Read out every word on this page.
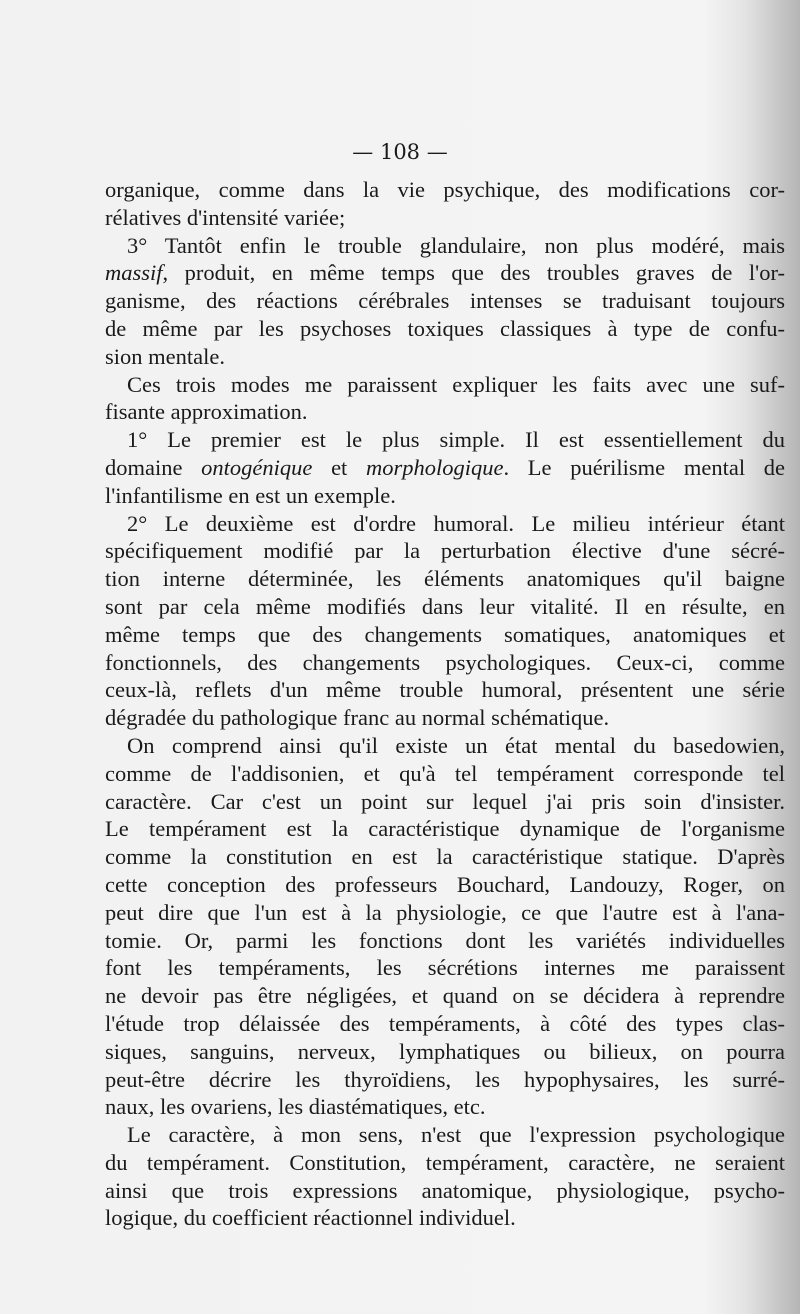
— 108 —
organique, comme dans la vie psychique, des modifications cor-
rélatives d'intensité variée;
3° Tantôt enfin le trouble glandulaire, non plus modéré, mais
massif, produit, en même temps que des troubles graves de l'or-
ganisme, des réactions cérébrales intenses se traduisant toujours
de même par les psychoses toxiques classiques à type de confu-
sion mentale.
Ces trois modes me paraissent expliquer les faits avec une suf-
fisante approximation.
1° Le premier est le plus simple. Il est essentiellement du
domaine ontogénique et morphologique. Le puérilisme mental de
l'infantilisme en est un exemple.
2° Le deuxième est d'ordre humoral. Le milieu intérieur étant
spécifiquement modifié par la perturbation élective d'une sécré-
tion interne déterminée, les éléments anatomiques qu'il baigne
sont par cela même modifiés dans leur vitalité. Il en résulte, en
même temps que des changements somatiques, anatomiques et
fonctionnels, des changements psychologiques. Ceux-ci, comme
ceux-là, reflets d'un même trouble humoral, présentent une série
dégradée du pathologique franc au normal schématique.
On comprend ainsi qu'il existe un état mental du basedowien,
comme de l'addisonien, et qu'à tel tempérament corresponde tel
caractère. Car c'est un point sur lequel j'ai pris soin d'insister.
Le tempérament est la caractéristique dynamique de l'organisme
comme la constitution en est la caractéristique statique. D'après
cette conception des professeurs Bouchard, Landouzy, Roger, on
peut dire que l'un est à la physiologie, ce que l'autre est à l'ana-
tomie. Or, parmi les fonctions dont les variétés individuelles
font les tempéraments, les sécrétions internes me paraissent
ne devoir pas être négligées, et quand on se décidera à reprendre
l'étude trop délaissée des tempéraments, à côté des types clas-
siques, sanguins, nerveux, lymphatiques ou bilieux, on pourra
peut-être décrire les thyroïdiens, les hypophysaires, les surré-
naux, les ovariens, les diastématiques, etc.
Le caractère, à mon sens, n'est que l'expression psychologique
du tempérament. Constitution, tempérament, caractère, ne seraient
ainsi que trois expressions anatomique, physiologique, psycho-
logique, du coefficient réactionnel individuel.
